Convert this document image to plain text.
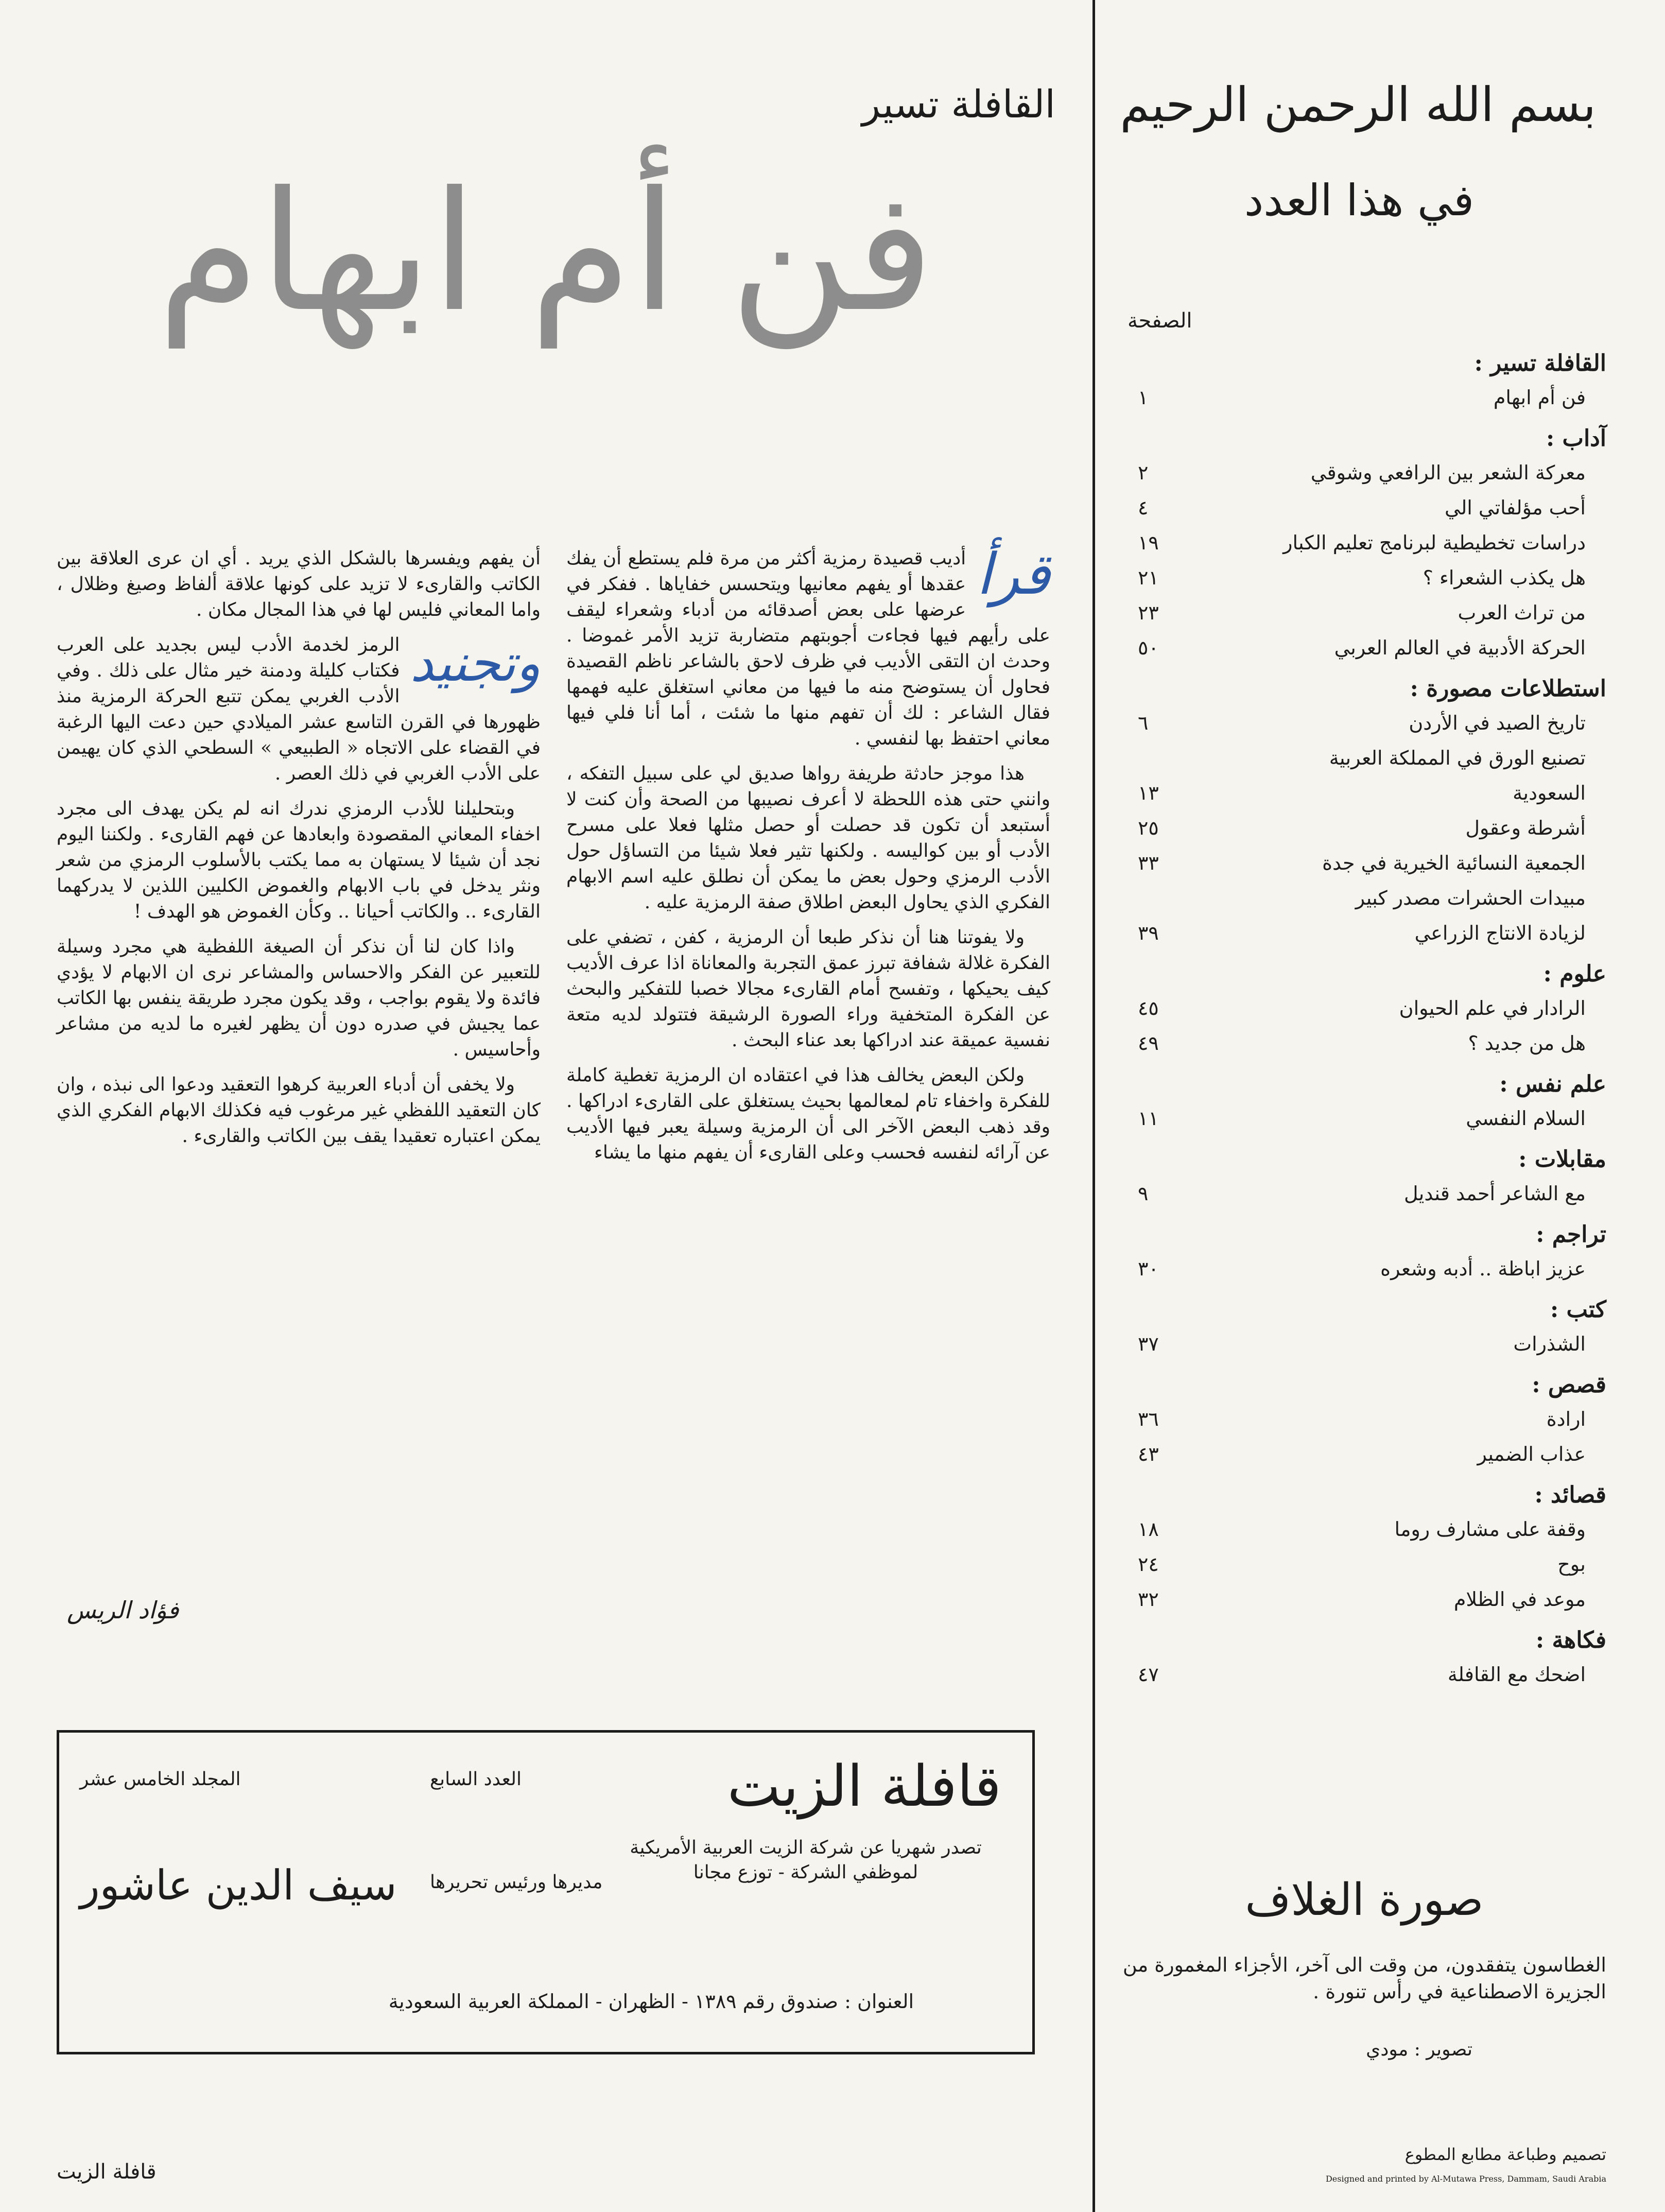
بسم الله الرحمن الرحيم
في هذا العدد
الصفحة
القافلة تسير :
فن أم ابهام
١
آداب :
معركة الشعر بين الرافعي وشوقي
٢
أحب مؤلفاتي الي
٤
دراسات تخطيطية لبرنامج تعليم الكبار
١٩
هل يكذب الشعراء ؟
٢١
من تراث العرب
٢٣
الحركة الأدبية في العالم العربي
٥٠
استطلاعات مصورة :
تاريخ الصيد في الأردن
٦
تصنيع الورق في المملكة العربية
السعودية
١٣
أشرطة وعقول
٢٥
الجمعية النسائية الخيرية في جدة
٣٣
مبيدات الحشرات مصدر كبير
لزيادة الانتاج الزراعي
٣٩
علوم :
الرادار في علم الحيوان
٤٥
هل من جديد ؟
٤٩
علم نفس :
السلام النفسي
١١
مقابلات :
مع الشاعر أحمد قنديل
٩
تراجم :
عزيز اباظة .. أدبه وشعره
٣٠
كتب :
الشذرات
٣٧
قصص :
ارادة
٣٦
عذاب الضمير
٤٣
قصائد :
وقفة على مشارف روما
١٨
بوح
٢٤
موعد في الظلام
٣٢
فكاهة :
اضحك مع القافلة
٤٧
صورة الغلاف
الغطاسون يتفقدون، من وقت الى آخر، الأجزاء المغمورة من الجزيرة الاصطناعية في رأس تنورة .
تصوير : مودي
تصميم وطباعة مطابع المطوع
Designed and printed by Al-Mutawa Press, Dammam, Saudi Arabia
القافلة تسير
فن أم ابهام
قرأ

أديب قصيدة رمزية أكثر من مرة فلم يستطع أن يفك عقدها أو يفهم معانيها ويتحسس خفاياها . ففكر في عرضها على بعض أصدقائه من أدباء وشعراء ليقف على رأيهم فيها فجاءت أجوبتهم متضاربة تزيد الأمر غموضا . وحدث ان التقى الأديب في ظرف لاحق بالشاعر ناظم القصيدة فحاول أن يستوضح منه ما فيها من معاني استغلق عليه فهمها فقال الشاعر : لك أن تفهم منها ما شئت ، أما أنا فلي فيها معاني احتفظ بها لنفسي .

هذا موجز حادثة طريفة رواها صديق لي على سبيل التفكه ، وانني حتى هذه اللحظة لا أعرف نصيبها من الصحة وأن كنت لا أستبعد أن تكون قد حصلت أو حصل مثلها فعلا على مسرح الأدب أو بين كواليسه . ولكنها تثير فعلا شيئا من التساؤل حول الأدب الرمزي وحول بعض ما يمكن أن نطلق عليه اسم الابهام الفكري الذي يحاول البعض اطلاق صفة الرمزية عليه .

ولا يفوتنا هنا أن نذكر طبعا أن الرمزية ، كفن ، تضفي على الفكرة غلالة شفافة تبرز عمق التجربة والمعاناة اذا عرف الأديب كيف يحيكها ، وتفسح أمام القارىء مجالا خصبا للتفكير والبحث عن الفكرة المتخفية وراء الصورة الرشيقة فتتولد لديه متعة نفسية عميقة عند ادراكها بعد عناء البحث .

ولكن البعض يخالف هذا في اعتقاده ان الرمزية تغطية كاملة للفكرة واخفاء تام لمعالمها بحيث يستغلق على القارىء ادراكها . وقد ذهب البعض الآخر الى أن الرمزية وسيلة يعبر فيها الأديب عن آرائه لنفسه فحسب وعلى القارىء أن يفهم منها ما يشاء

أن يفهم ويفسرها بالشكل الذي يريد . أي ان عرى العلاقة بين الكاتب والقارىء لا تزيد على كونها علاقة ألفاظ وصيغ وظلال ، واما المعاني فليس لها في هذا المجال مكان .

وتجنيد

الرمز لخدمة الأدب ليس بجديد على العرب فكتاب كليلة ودمنة خير مثال على ذلك . وفي الأدب الغربي يمكن تتبع الحركة الرمزية منذ ظهورها في القرن التاسع عشر الميلادي حين دعت اليها الرغبة في القضاء على الاتجاه « الطبيعي » السطحي الذي كان يهيمن على الأدب الغربي في ذلك العصر .

وبتحليلنا للأدب الرمزي ندرك انه لم يكن يهدف الى مجرد اخفاء المعاني المقصودة وابعادها عن فهم القارىء . ولكننا اليوم نجد أن شيئا لا يستهان به مما يكتب بالأسلوب الرمزي من شعر ونثر يدخل في باب الابهام والغموض الكليين اللذين لا يدركهما القارىء .. والكاتب أحيانا .. وكأن الغموض هو الهدف !

واذا كان لنا أن نذكر أن الصيغة اللفظية هي مجرد وسيلة للتعبير عن الفكر والاحساس والمشاعر نرى ان الابهام لا يؤدي فائدة ولا يقوم بواجب ، وقد يكون مجرد طريقة ينفس بها الكاتب عما يجيش في صدره دون أن يظهر لغيره ما لديه من مشاعر وأحاسيس .

ولا يخفى أن أدباء العربية كرهوا التعقيد ودعوا الى نبذه ، وان كان التعقيد اللفظي غير مرغوب فيه فكذلك الابهام الفكري الذي يمكن اعتباره تعقيدا يقف بين الكاتب والقارىء .

فؤاد الريس
قافلة الزيت
العدد السابع
المجلد الخامس عشر
تصدر شهريا عن شركة الزيت العربية الأمريكية لموظفي الشركة - توزع مجانا
مديرها ورئيس تحريرها
سيف الدين عاشور
العنوان : صندوق رقم ١٣٨٩ - الظهران - المملكة العربية السعودية
قافلة الزيت
